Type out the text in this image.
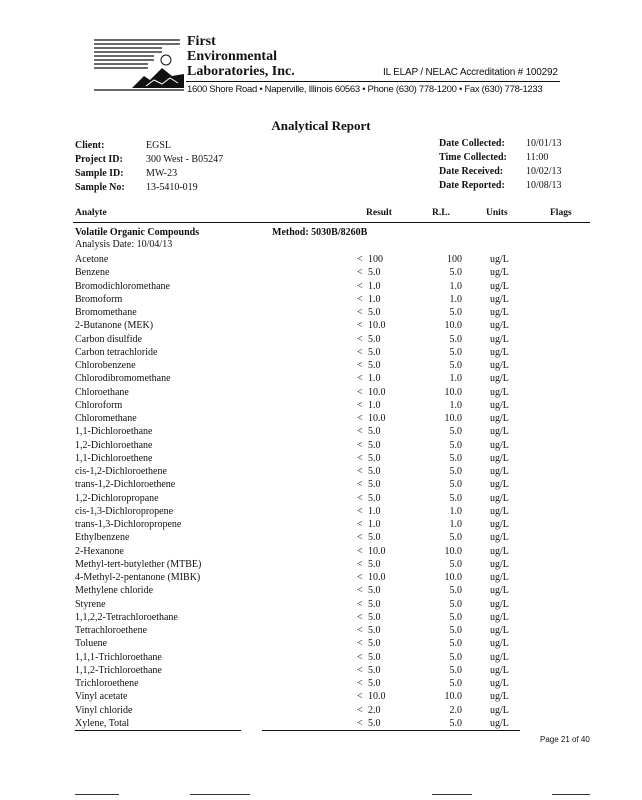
First
Environmental
Laboratories, Inc.	IL ELAP / NELAC Accreditation # 100292
1600 Shore Road • Naperville, Illinois 60563 • Phone (630) 778-1200 • Fax (630) 778-1233
Analytical Report
Client:	EGSL
Project ID: 300 West - B05247
Sample ID: MW-23
Sample No: 13-5410-019
Date Collected: 10/01/13
Time Collected: 11:00
Date Received: 10/02/13
Date Reported: 10/08/13
Analyte	Result	R.L.	Units	Flags
Volatile Organic Compounds	Method: 5030B/8260B
Analysis Date: 10/04/13
Acetone	< 100	100	ug/L
Benzene	< 5.0	5.0	ug/L
Bromodichloromethane	< 1.0	1.0	ug/L
Bromoform	< 1.0	1.0	ug/L
Bromomethane	< 5.0	5.0	ug/L
2-Butanone (MEK)	< 10.0	10.0	ug/L
Carbon disulfide	< 5.0	5.0	ug/L
Carbon tetrachloride	< 5.0	5.0	ug/L
Chlorobenzene	< 5.0	5.0	ug/L
Chlorodibromomethane	< 1.0	1.0	ug/L
Chloroethane	< 10.0	10.0	ug/L
Chloroform	< 1.0	1.0	ug/L
Chloromethane	< 10.0	10.0	ug/L
1,1-Dichloroethane	< 5.0	5.0	ug/L
1,2-Dichloroethane	< 5.0	5.0	ug/L
1,1-Dichloroethene	< 5.0	5.0	ug/L
cis-1,2-Dichloroethene	< 5.0	5.0	ug/L
trans-1,2-Dichloroethene	< 5.0	5.0	ug/L
1,2-Dichloropropane	< 5.0	5.0	ug/L
cis-1,3-Dichloropropene	< 1.0	1.0	ug/L
trans-1,3-Dichloropropene	< 1.0	1.0	ug/L
Ethylbenzene	< 5.0	5.0	ug/L
2-Hexanone	< 10.0	10.0	ug/L
Methyl-tert-butylether (MTBE)	< 5.0	5.0	ug/L
4-Methyl-2-pentanone (MIBK)	< 10.0	10.0	ug/L
Methylene chloride	< 5.0	5.0	ug/L
Styrene	< 5.0	5.0	ug/L
1,1,2,2-Tetrachloroethane	< 5.0	5.0	ug/L
Tetrachloroethene	< 5.0	5.0	ug/L
Toluene	< 5.0	5.0	ug/L
1,1,1-Trichloroethane	< 5.0	5.0	ug/L
1,1,2-Trichloroethane	< 5.0	5.0	ug/L
Trichloroethene	< 5.0	5.0	ug/L
Vinyl acetate	< 10.0	10.0	ug/L
Vinyl chloride	< 2.0	2.0	ug/L
Xylene, Total	< 5.0	5.0	ug/L
Page 21 of 40
